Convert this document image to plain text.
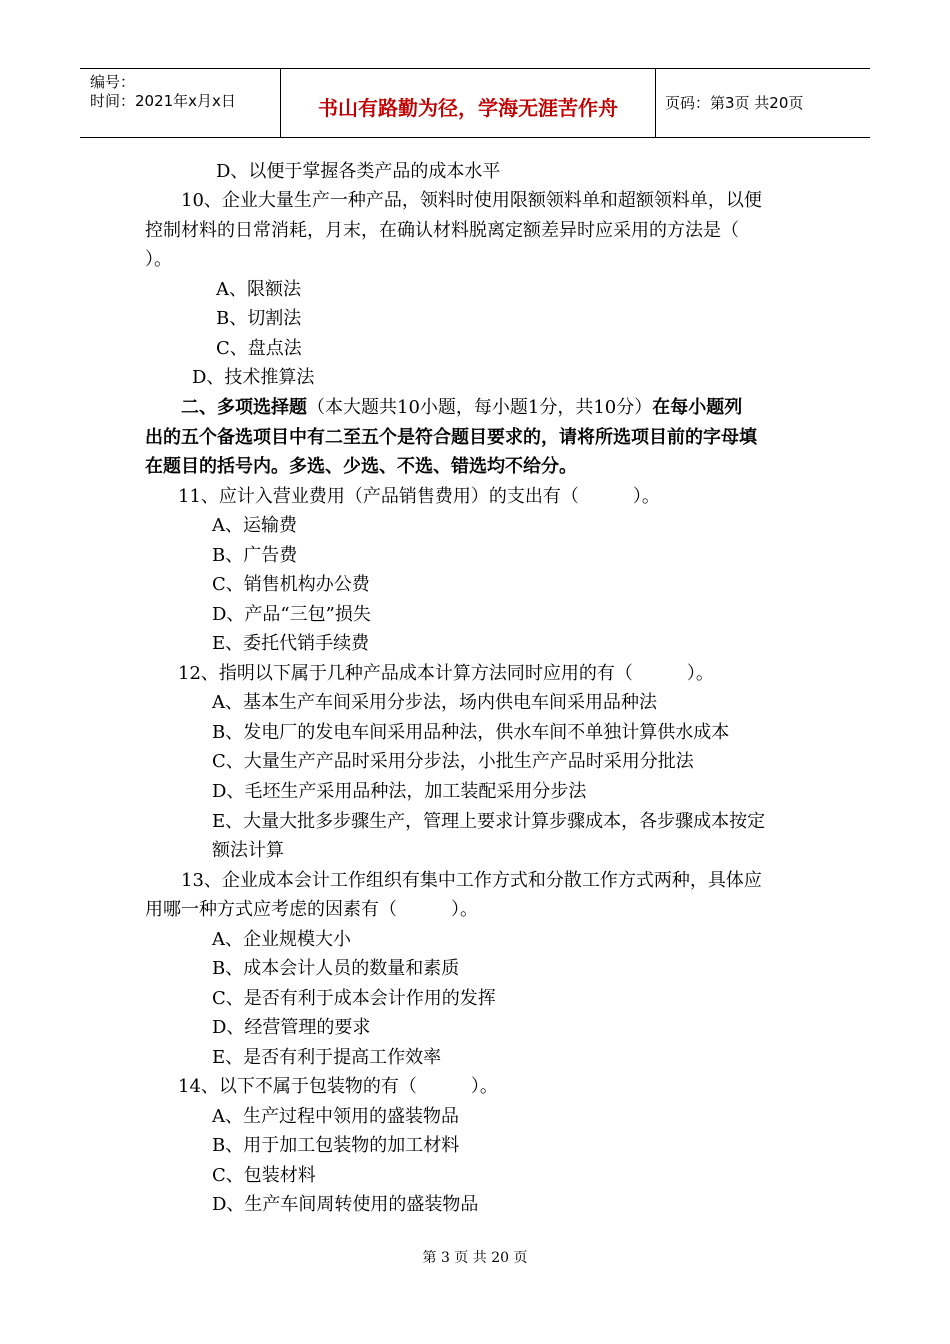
编号：
时间：2021年x月x日	书山有路勤为径，学海无涯苦作舟	页码：第3页 共20页
D、以便于掌握各类产品的成本水平
10、企业大量生产一种产品，领料时使用限额领料单和超额领料单，以便
控制材料的日常消耗，月末，在确认材料脱离定额差异时应采用的方法是（
）。
A、限额法
B、切割法
C、盘点法
D、技术推算法
二、多项选择题（本大题共10小题，每小题1分，共10分）在每小题列
出的五个备选项目中有二至五个是符合题目要求的，请将所选项目前的字母填
在题目的括号内。多选、少选、不选、错选均不给分。
11、应计入营业费用（产品销售费用）的支出有（　　　）。
A、运输费
B、广告费
C、销售机构办公费
D、产品“三包”损失
E、委托代销手续费
12、指明以下属于几种产品成本计算方法同时应用的有（　　　）。
A、基本生产车间采用分步法，场内供电车间采用品种法
B、发电厂的发电车间采用品种法，供水车间不单独计算供水成本
C、大量生产产品时采用分步法，小批生产产品时采用分批法
D、毛坯生产采用品种法，加工装配采用分步法
E、大量大批多步骤生产，管理上要求计算步骤成本，各步骤成本按定
额法计算
13、企业成本会计工作组织有集中工作方式和分散工作方式两种，具体应
用哪一种方式应考虑的因素有（　　　）。
A、企业规模大小
B、成本会计人员的数量和素质
C、是否有利于成本会计作用的发挥
D、经营管理的要求
E、是否有利于提高工作效率
14、以下不属于包装物的有（　　　）。
A、生产过程中领用的盛装物品
B、用于加工包装物的加工材料
C、包装材料
D、生产车间周转使用的盛装物品
第 3 页 共 20 页
